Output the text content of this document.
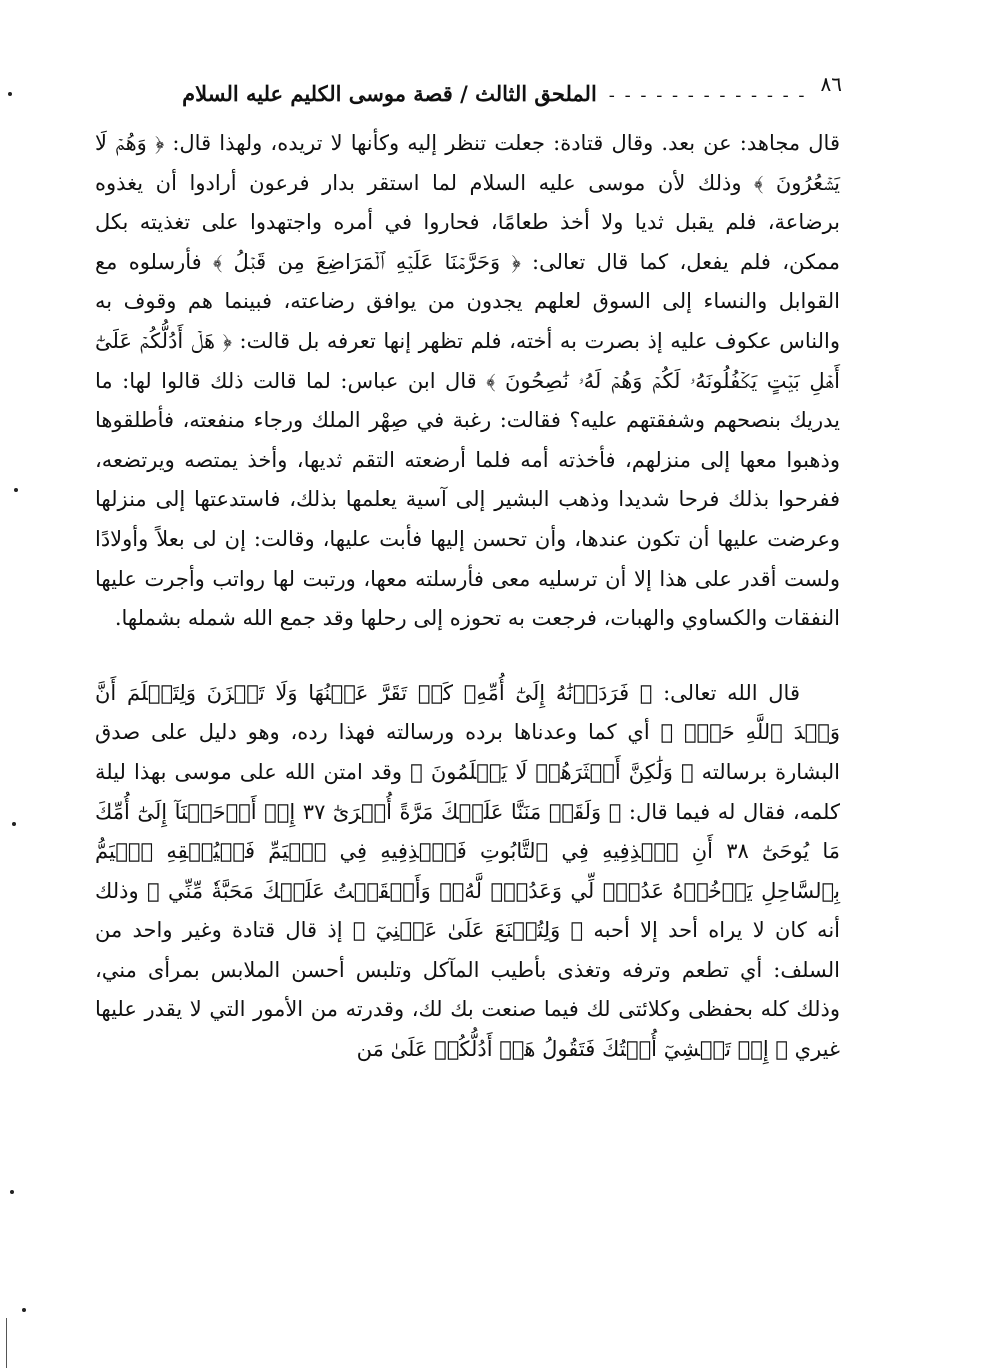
٨٦
- - - - - - - - - - - - -
الملحق الثالث / قصة موسى الكليم عليه السلام

قال مجاهد: عن بعد. وقال قتادة: جعلت تنظر إليه وكأنها لا تريده، ولهذا قال: ﴿ وَهُمۡ لَا يَشۡعُرُونَ ﴾ وذلك لأن موسى عليه السلام لما استقر بدار فرعون أرادوا أن يغذوه برضاعة، فلم يقبل ثديا ولا أخذ طعامًا، فحاروا في أمره واجتهدوا على تغذيته بكل ممكن، فلم يفعل، كما قال تعالى: ﴿ وَحَرَّمۡنَا عَلَيۡهِ ٱلۡمَرَاضِعَ مِن قَبۡلُ ﴾ فأرسلوه مع القوابل والنساء إلى السوق لعلهم يجدون من يوافق رضاعته، فبينما هم وقوف به والناس عكوف عليه إذ بصرت به أخته، فلم تظهر إنها تعرفه بل قالت: ﴿ هَلۡ أَدُلُّكُمۡ عَلَىٰٓ أَهۡلِ بَيۡتٍ يَكۡفُلُونَهُۥ لَكُمۡ وَهُمۡ لَهُۥ نَٰصِحُونَ ﴾ قال ابن عباس: لما قالت ذلك قالوا لها: ما يدريك بنصحهم وشفقتهم عليه؟ فقالت: رغبة في صِهْر الملك ورجاء منفعته، فأطلقوها وذهبوا معها إلى منزلهم، فأخذته أمه فلما أرضعته التقم ثديها، وأخذ يمتصه ويرتضعه، ففرحوا بذلك فرحا شديدا وذهب البشير إلى آسية يعلمها بذلك، فاستدعتها إلى منزلها وعرضت عليها أن تكون عندها، وأن تحسن إليها فأبت عليها، وقالت: إن لى بعلاً وأولادًا ولست أقدر على هذا إلا أن ترسليه معى فأرسلته معها، ورتبت لها رواتب وأجرت عليها النفقات والكساوي والهبات، فرجعت به تحوزه إلى رحلها وقد جمع الله شمله بشملها.

قال الله تعالى: ﴿ فَرَدَدۡنَٰهُ إِلَىٰٓ أُمِّهِۦ كَيۡ تَقَرَّ عَيۡنُهَا وَلَا تَحۡزَنَ وَلِتَعۡلَمَ أَنَّ وَعۡدَ ٱللَّهِ حَقّٞ ﴾ أي كما وعدناها برده ورسالته فهذا رده، وهو دليل على صدق البشارة برسالته ﴿ وَلَٰكِنَّ أَكۡثَرَهُمۡ لَا يَعۡلَمُونَ ﴾ وقد امتن الله على موسى بهذا ليلة كلمه، فقال له فيما قال: ﴿ وَلَقَدۡ مَنَنَّا عَلَيۡكَ مَرَّةً أُخۡرَىٰٓ ٣٧ إِذۡ أَوۡحَيۡنَآ إِلَىٰٓ أُمِّكَ مَا يُوحَىٰٓ ٣٨ أَنِ ٱقۡذِفِيهِ فِي ٱلتَّابُوتِ فَٱقۡذِفِيهِ فِي ٱلۡيَمِّ فَلۡيُلۡقِهِ ٱلۡيَمُّ بِٱلسَّاحِلِ يَأۡخُذۡهُ عَدُوّٞ لِّي وَعَدُوّٞ لَّهُۥۚ وَأَلۡقَيۡتُ عَلَيۡكَ مَحَبَّةٗ مِّنِّي ﴾ وذلك أنه كان لا يراه أحد إلا أحبه ﴿ وَلِتُصۡنَعَ عَلَىٰ عَيۡنِيٓ ﴾ إذ قال قتادة وغير واحد من السلف: أي تطعم وترفه وتغذى بأطيب المآكل وتلبس أحسن الملابس بمرأى مني، وذلك كله بحفظى وكلائتى لك فيما صنعت بك لك، وقدرته من الأمور التي لا يقدر عليها غيري ﴿ إِذۡ تَمۡشِيٓ أُخۡتُكَ فَتَقُولُ هَلۡ أَدُلُّكُمۡ عَلَىٰ مَن
